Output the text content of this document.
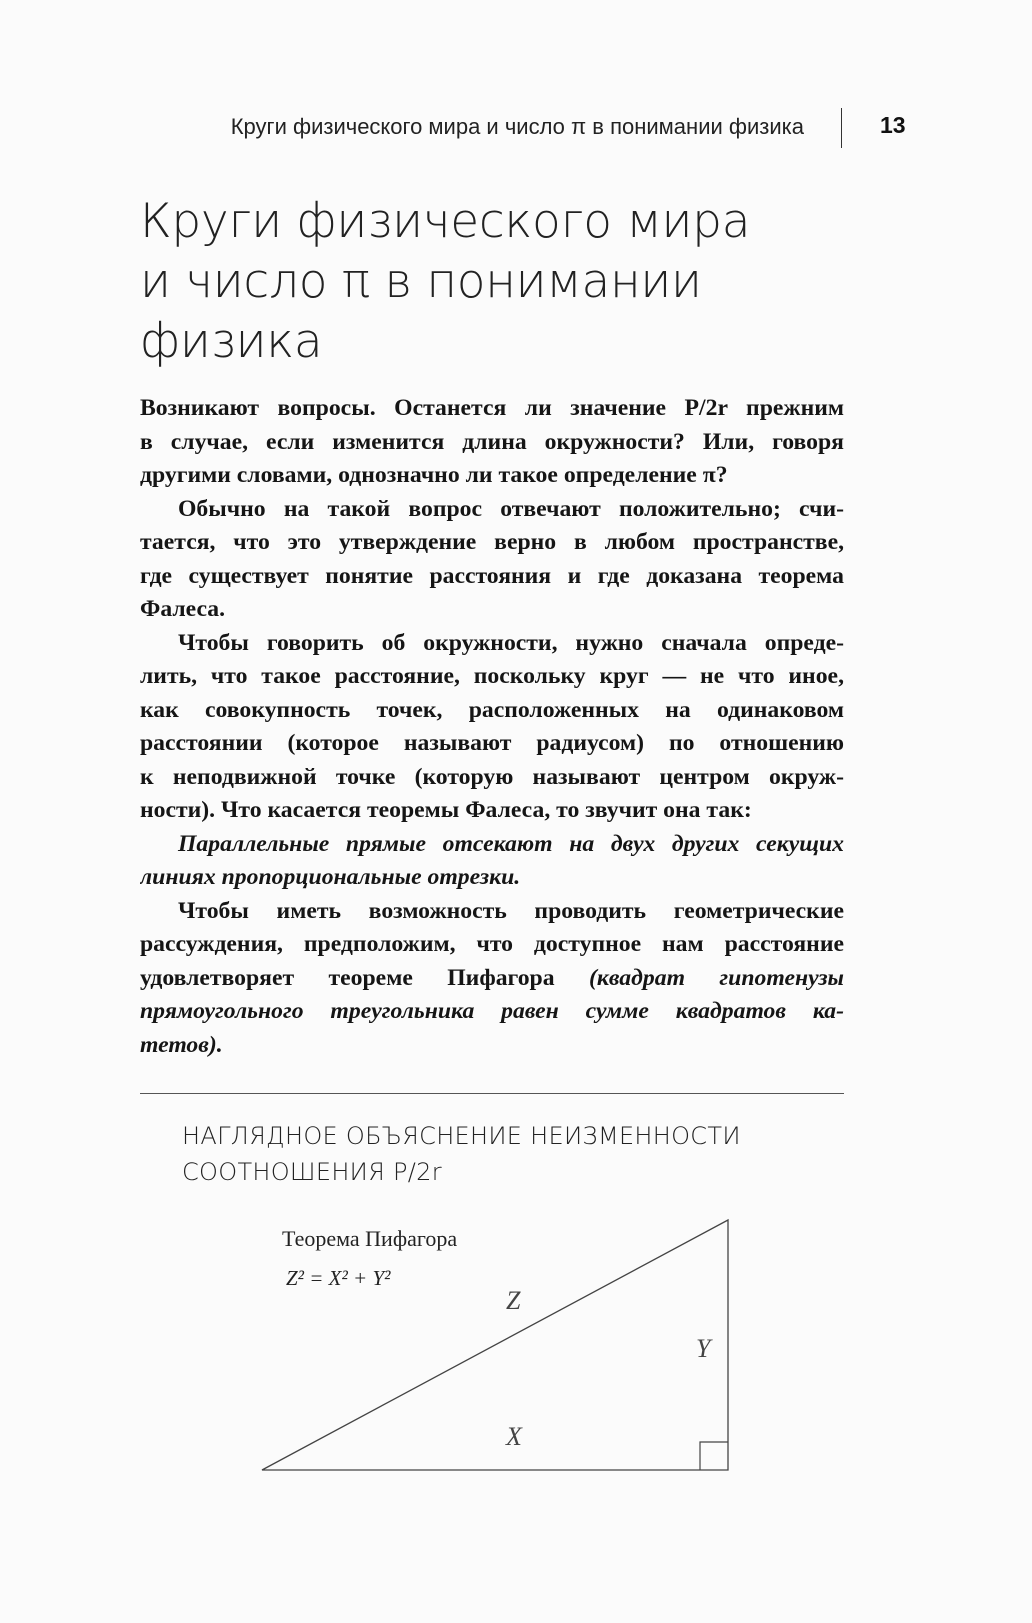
Круги физического мира и число π в понимании физика	13
Круги физического мира
и число π в понимании
физика
Возникают вопросы. Останется ли значение P/2r прежним
в случае, если изменится длина окружности? Или, говоря
другими словами, однозначно ли такое определение π?
Обычно на такой вопрос отвечают положительно; счи-
тается, что это утверждение верно в любом пространстве,
где существует понятие расстояния и где доказана теорема
Фалеса.
Чтобы говорить об окружности, нужно сначала опреде-
лить, что такое расстояние, поскольку круг — не что иное,
как совокупность точек, расположенных на одинаковом
расстоянии (которое называют радиусом) по отношению
к неподвижной точке (которую называют центром окруж-
ности). Что касается теоремы Фалеса, то звучит она так:
Параллельные прямые отсекают на двух других секущих
линиях пропорциональные отрезки.
Чтобы иметь возможность проводить геометрические
рассуждения, предположим, что доступное нам расстояние
удовлетворяет теореме Пифагора (квадрат гипотенузы
прямоугольного треугольника равен сумме квадратов ка-
тетов).
НАГЛЯДНОЕ ОБЪЯСНЕНИЕ НЕИЗМЕННОСТИ
СООТНОШЕНИЯ P/2r
Теорема Пифагора
Z² = X² + Y²
Z
Y
X
